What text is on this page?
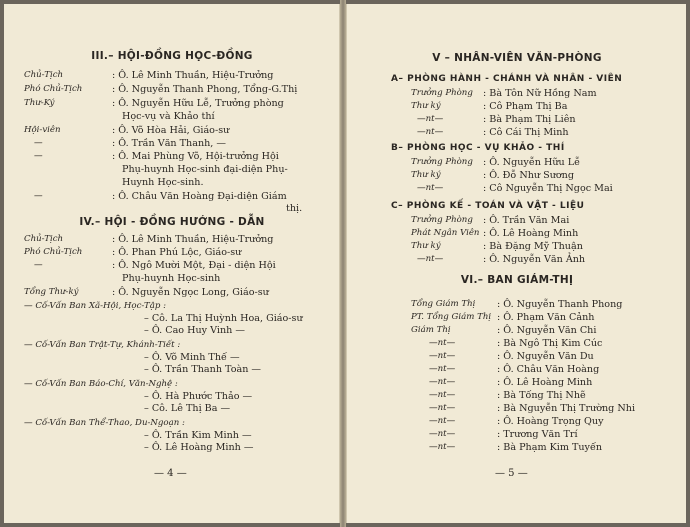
III.– HỘI-ĐỒNG HỌC-ĐỒNG
Chủ-Tịch	: Ô. Lê Minh Thuần, Hiệu-Trưởng
Phó Chủ-Tịch	: Ô. Nguyễn Thanh Phong, Tổng-G.Thị
Thư-Ký	: Ô. Nguyễn Hữu Lễ, Trưởng phòng
Học-vụ và Khảo thí
Hội-viên	: Ô. Võ Hòa Hải, Giáo-sư
—	: Ô. Trần Văn Thanh, —
—	: Ô. Mai Phùng Võ, Hội-trưởng Hội
Phụ-huynh Học-sinh đại-diện Phụ-
Huynh Học-sinh.
—	: Ô. Châu Văn Hoàng Đại-diện Giám
thị.
IV.– HỘI - ĐỒNG HƯỚNG - DẪN
Chủ-Tịch	: Ô. Lê Minh Thuần, Hiệu-Trưởng
Phó Chủ-Tịch	: Ô. Phan Phú Lộc, Giáo-sư
—	: Ô. Ngô Mười Một, Đại - diện Hội
Phụ-huynh Học-sinh
Tổng Thư-ký	: Ô. Nguyễn Ngọc Long, Giáo-sư
— Cố-Vấn Ban Xã-Hội, Học-Tập :
– Cô. La Thị Huỳnh Hoa, Giáo-sư
– Ô. Cao Huy Vinh —
— Cố-Vấn Ban Trật-Tự, Khánh-Tiết :
– Ô. Võ Minh Thế —
– Ô. Trần Thanh Toàn —
— Cố-Vấn Ban Báo-Chí, Văn-Nghệ :
– Ô. Hà Phước Thảo —
– Cô. Lê Thị Ba —
— Cố-Vấn Ban Thể-Thao, Du-Ngoạn :
– Ô. Trần Kim Minh —
– Ô. Lê Hoàng Minh —
— 4 —
V – NHÂN-VIÊN VĂN-PHÒNG
A– PHÒNG HÀNH - CHÁNH VÀ NHÂN - VIÊN
Trưởng Phòng : Bà Tôn Nữ Hồng Nam
Thư ký	: Cô Phạm Thị Ba
—nt—	: Bà Phạm Thị Liên
—nt—	: Cô Cái Thị Minh
B– PHÒNG HỌC - VỤ KHẢO - THÍ
Trưởng Phòng : Ô. Nguyễn Hữu Lễ
Thư ký	: Ô. Đỗ Như Sương
—nt—	: Cô Nguyễn Thị Ngọc Mai
C– PHÒNG KẾ - TOÁN VÀ VẬT - LIỆU
Trưởng Phòng : Ô. Trần Văn Mai
Phát Ngân Viên : Ô. Lê Hoàng Minh
Thư ký	: Bà Đặng Mỹ Thuận
—nt—	: Ô. Nguyễn Văn Ảnh
VI.– BAN GIÁM-THỊ
Tổng Giám Thị : Ô. Nguyễn Thanh Phong
PT. Tổng Giám Thị : Ô. Phạm Văn Cảnh
Giám Thị	: Ô. Nguyễn Văn Chi
—nt—	: Bà Ngô Thị Kim Cúc
—nt—	: Ô. Nguyễn Văn Du
—nt—	: Ô. Châu Văn Hoàng
—nt—	: Ô. Lê Hoàng Minh
—nt—	: Bà Tống Thị Nhẽ
—nt—	: Bà Nguyễn Thị Trường Nhi
—nt—	: Ô. Hoàng Trọng Quy
—nt—	: Trương Văn Trí
—nt—	: Bà Phạm Kim Tuyến
— 5 —
